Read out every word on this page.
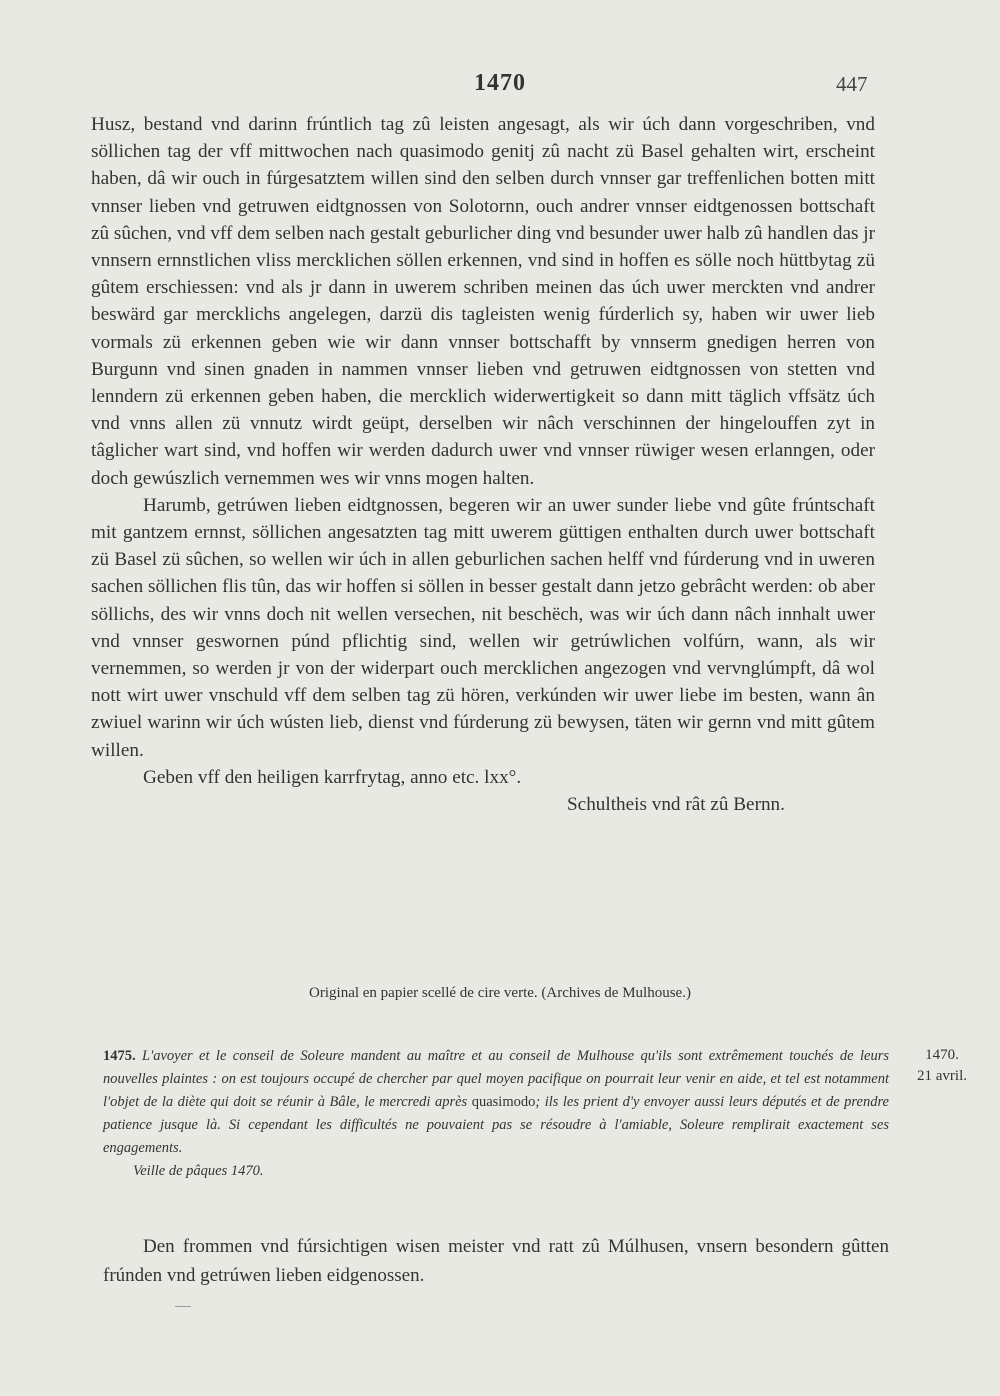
1470	447

Husz, bestand vnd darinn frúntlich tag zû leisten angesagt, als wir úch dann vorgeschriben, vnd söllichen tag der vff mittwochen nach quasimodo genitj zû nacht zü Basel gehalten wirt, erscheint haben, dâ wir ouch in fúrgesatztem willen sind den selben durch vnnser gar treffenlichen botten mitt vnnser lieben vnd getruwen eidtgnossen von Solotornn, ouch andrer vnnser eidtgenossen bottschaft zû sûchen, vnd vff dem selben nach gestalt geburlicher ding vnd besunder uwer halb zû handlen das jr vnnsern ernnstlichen vliss mercklichen söllen erkennen, vnd sind in hoffen es sölle noch hüttbytag zü gûtem erschiessen: vnd als jr dann in uwerem schriben meinen das úch uwer merckten vnd andrer beswärd gar mercklichs angelegen, darzü dis tagleisten wenig fúrderlich sy, haben wir uwer lieb vormals zü erkennen geben wie wir dann vnnser bottschafft by vnnserm gnedigen herren von Burgunn vnd sinen gnaden in nammen vnnser lieben vnd getruwen eidtgnossen von stetten vnd lenndern zü erkennen geben haben, die mercklich widerwertigkeit so dann mitt täglich vffsätz úch vnd vnns allen zü vnnutz wirdt geüpt, derselben wir nâch verschinnen der hingelouffen zyt in tâglicher wart sind, vnd hoffen wir werden dadurch uwer vnd vnnser rüwiger wesen erlanngen, oder doch gewúszlich vernemmen wes wir vnns mogen halten.

Harumb, getrúwen lieben eidtgnossen, begeren wir an uwer sunder liebe vnd gûte frúntschaft mit gantzem ernnst, söllichen angesatzten tag mitt uwerem güttigen enthalten durch uwer bottschaft zü Basel zü sûchen, so wellen wir úch in allen geburlichen sachen helff vnd fúrderung vnd in uweren sachen söllichen flis tûn, das wir hoffen si söllen in besser gestalt dann jetzo gebrâcht werden: ob aber söllichs, des wir vnns doch nit wellen versechen, nit beschëch, was wir úch dann nâch innhalt uwer vnd vnnser geswornen púnd pflichtig sind, wellen wir getrúwlichen volfúrn, wann, als wir vernemmen, so werden jr von der widerpart ouch mercklichen angezogen vnd vervnglúmpft, dâ wol nott wirt uwer vnschuld vff dem selben tag zü hören, verkúnden wir uwer liebe im besten, wann ân zwiuel warinn wir úch wústen lieb, dienst vnd fúrderung zü bewysen, täten wir gernn vnd mitt gûtem willen.

Geben vff den heiligen karrfrytag, anno etc. lxx°.
Schultheis vnd rât zû Bernn.
Original en papier scellé de cire verte. (Archives de Mulhouse.)
1475. L'avoyer et le conseil de Soleure mandent au maître et au conseil de Mulhouse qu'ils sont extrêmement touchés de leurs nouvelles plaintes : on est toujours occupé de chercher par quel moyen pacifique on pourrait leur venir en aide, et tel est notamment l'objet de la diète qui doit se réunir à Bâle, le mercredi après quasimodo; ils les prient d'y envoyer aussi leurs députés et de prendre patience jusque là. Si cependant les difficultés ne pouvaient pas se résoudre à l'amiable, Soleure remplirait exactement ses engagements.
Veille de pâques 1470.
1470.
21 avril.
Den frommen vnd fúrsichtigen wisen meister vnd ratt zû Múlhusen, vnsern besondern gûtten frúnden vnd getrúwen lieben eidgenossen.
